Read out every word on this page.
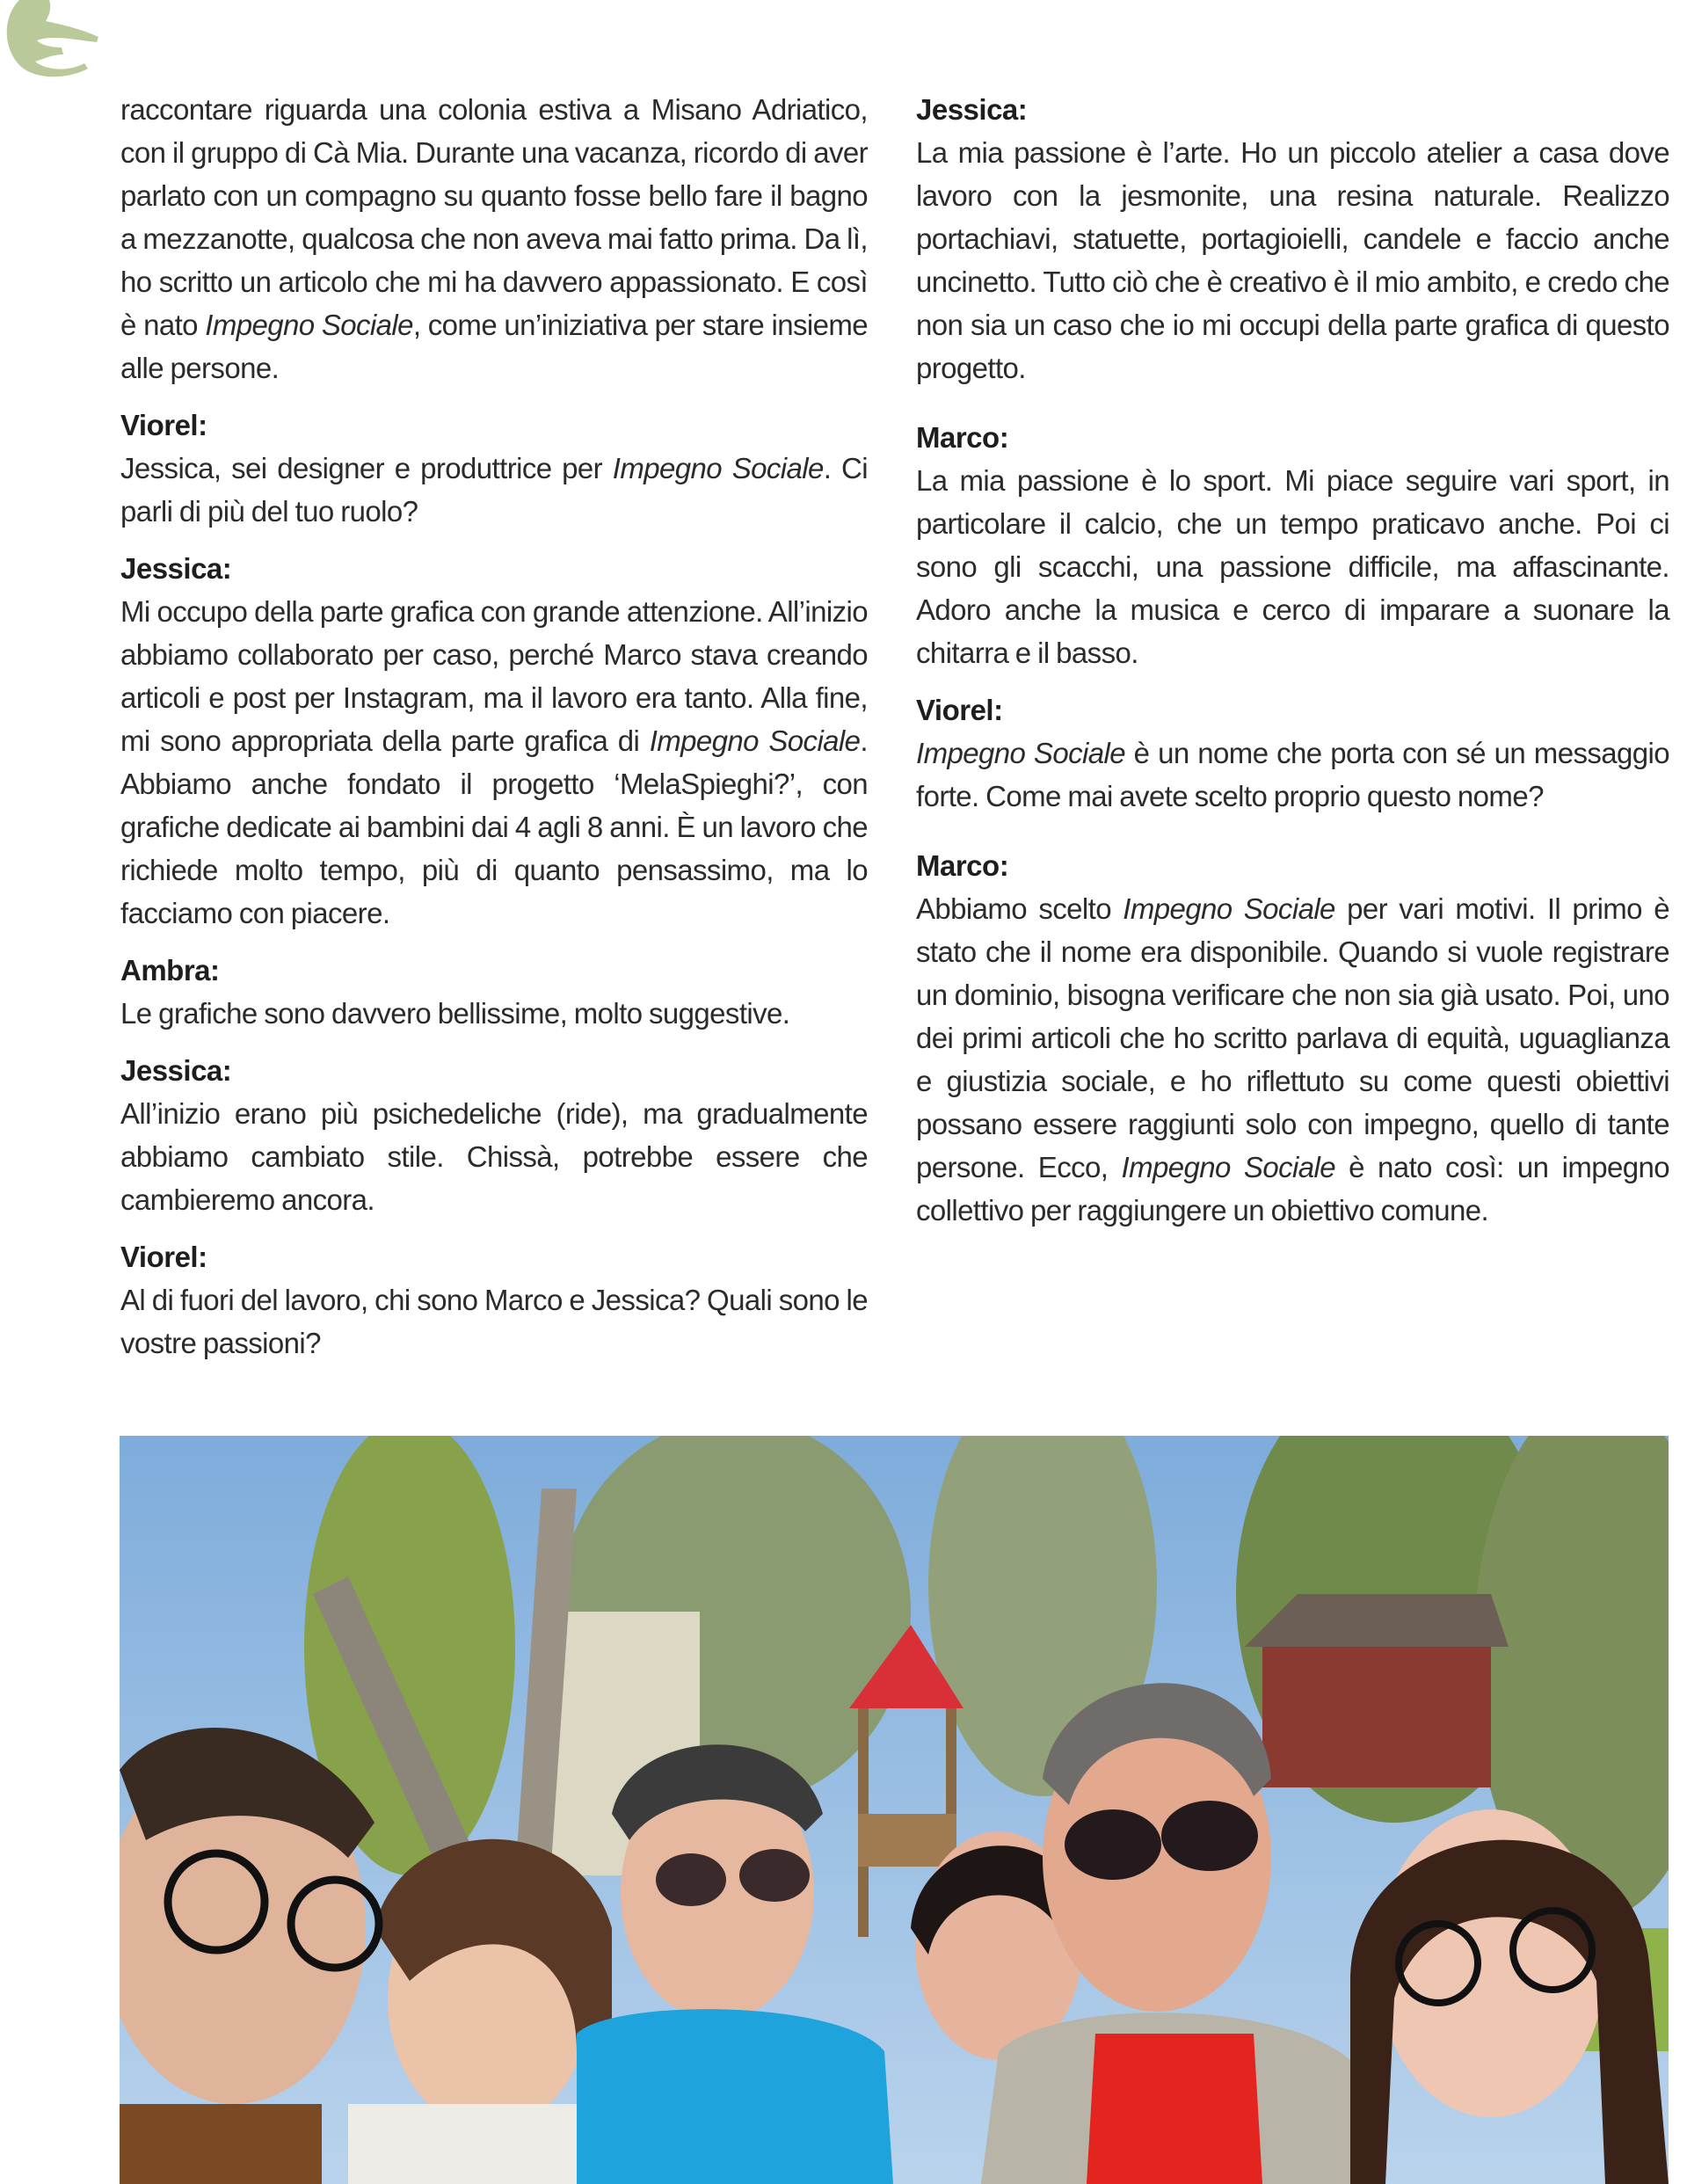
raccontare riguarda una colonia estiva a Misano Adriatico, con il gruppo di Cà Mia. Durante una vacanza, ricordo di aver parlato con un compagno su quanto fosse bello fare il bagno a mezzanotte, qualcosa che non aveva mai fatto prima. Da lì, ho scritto un articolo che mi ha davvero appassionato. E così è nato Impegno Sociale, come un’iniziativa per stare insieme alle persone.
Viorel:
Jessica, sei designer e produttrice per Impegno Sociale. Ci parli di più del tuo ruolo?
Jessica:
Mi occupo della parte grafica con grande attenzione. All’inizio abbiamo collaborato per caso, perché Marco stava creando articoli e post per Instagram, ma il lavoro era tanto. Alla fine, mi sono appropriata della parte grafica di Impegno Sociale. Abbiamo anche fondato il progetto ‘MelaSpieghi?’, con grafiche dedicate ai bambini dai 4 agli 8 anni. È un lavoro che richiede molto tempo, più di quanto pensassimo, ma lo facciamo con piacere.
Ambra:
Le grafiche sono davvero bellissime, molto suggestive.
Jessica:
All’inizio erano più psichedeliche (ride), ma gradualmente abbiamo cambiato stile. Chissà, potrebbe essere che cambieremo ancora.
Viorel:
Al di fuori del lavoro, chi sono Marco e Jessica? Quali sono le vostre passioni?
Jessica:
La mia passione è l’arte. Ho un piccolo atelier a casa dove lavoro con la jesmonite, una resina naturale. Realizzo portachiavi, statuette, portagioielli, candele e faccio anche uncinetto. Tutto ciò che è creativo è il mio ambito, e credo che non sia un caso che io mi occupi della parte grafica di questo progetto.
Marco:
La mia passione è lo sport. Mi piace seguire vari sport, in particolare il calcio, che un tempo praticavo anche. Poi ci sono gli scacchi, una passione difficile, ma affascinante. Adoro anche la musica e cerco di imparare a suonare la chitarra e il basso.
Viorel:
Impegno Sociale è un nome che porta con sé un messaggio forte. Come mai avete scelto proprio questo nome?
Marco:
Abbiamo scelto Impegno Sociale per vari motivi. Il primo è stato che il nome era disponibile. Quando si vuole registrare un dominio, bisogna verificare che non sia già usato. Poi, uno dei primi articoli che ho scritto parlava di equità, uguaglianza e giustizia sociale, e ho riflettuto su come questi obiettivi possano essere raggiunti solo con impegno, quello di tante persone. Ecco, Impegno Sociale è nato così: un impegno collettivo per raggiungere un obiettivo comune.
